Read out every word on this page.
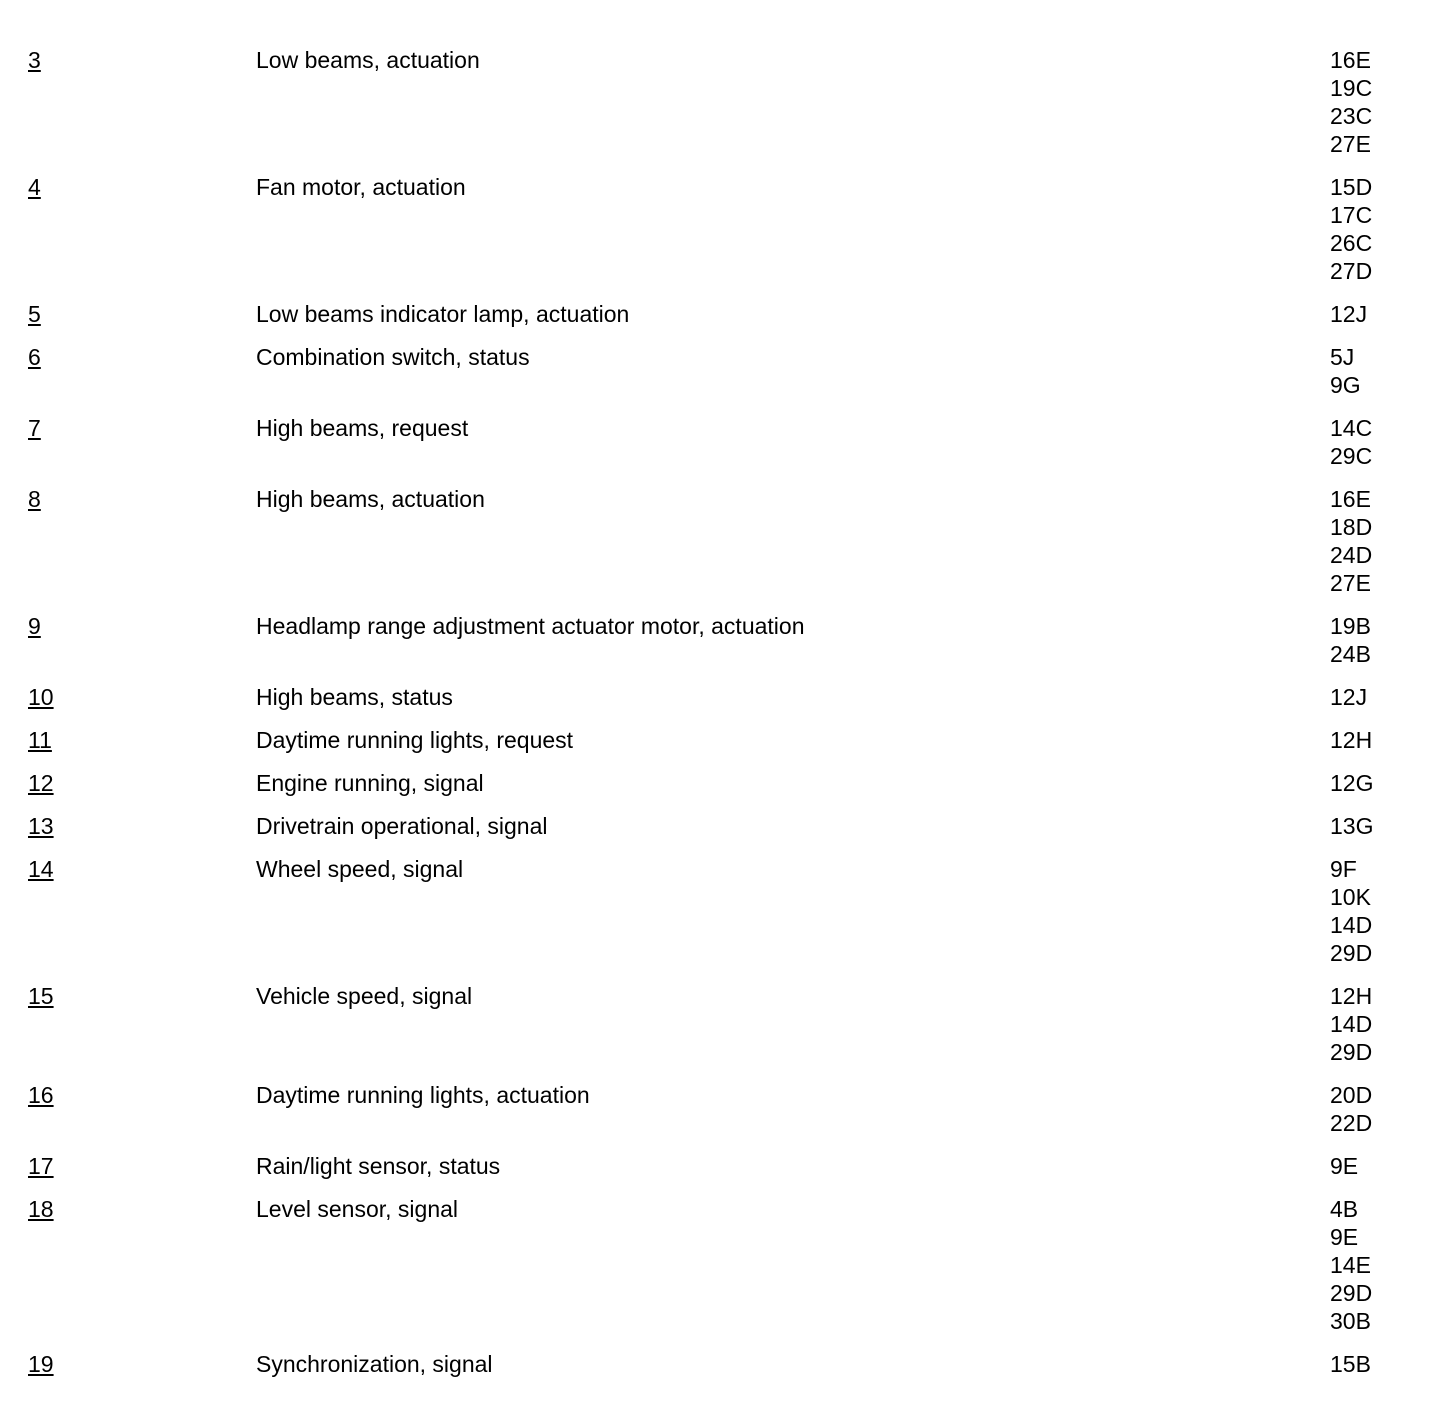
3	Low beams, actuation	16E
19C
23C
27E
4	Fan motor, actuation	15D
17C
26C
27D
5	Low beams indicator lamp, actuation	12J
6	Combination switch, status	5J
9G
7	High beams, request	14C
29C
8	High beams, actuation	16E
18D
24D
27E
9	Headlamp range adjustment actuator motor, actuation	19B
24B
10	High beams, status	12J
11	Daytime running lights, request	12H
12	Engine running, signal	12G
13	Drivetrain operational, signal	13G
14	Wheel speed, signal	9F
10K
14D
29D
15	Vehicle speed, signal	12H
14D
29D
16	Daytime running lights, actuation	20D
22D
17	Rain/light sensor, status	9E
18	Level sensor, signal	4B
9E
14E
29D
30B
19	Synchronization, signal	15B
